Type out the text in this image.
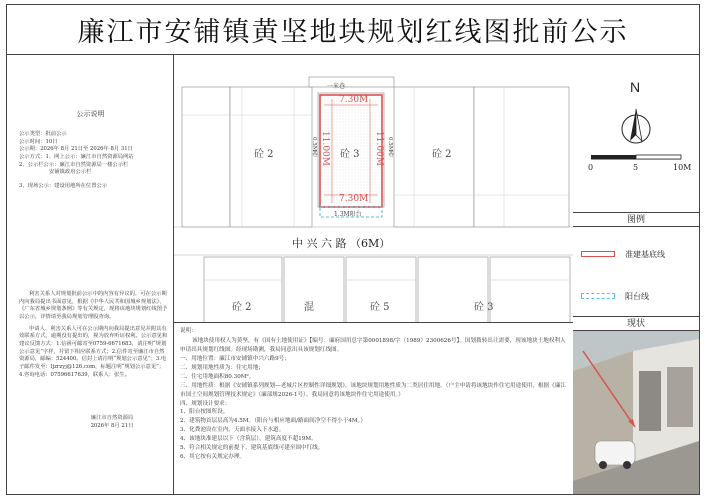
廉江市安铺镇黄坚地块规划红线图批前公示
公示说明
公示类型：批前公示
公示时间：10日
公示期：2026年 8月 21日至 2026年 8月 31日
公示方式：1、网上公示：廉江市自然资源局网站
2、公示栏公示：廉江市自然资源局一楼公示栏
安铺镇政府公示栏
3、现场公示：建设用地所在位置公示

利害关系人对规划批前公示中的内容有异议的，可在公示期内向我局提出书面意见，根据《中华人民共和国城乡规划法》、《广东省城乡规划条例》等有关规定，现将该地块规划红线图予以公示，详情请至我局规划管理股查询。

申请人、利害关系人可在公示期内向我局提出意见并附具有效联系方式，逾期没有提出的，视为放弃听证权利。公示意见和建议反馈方式：1.信函可邮寄至0759-6671683，请注明“规划公示意见”字样，并留下相应联系方式；2.信件寄至廉江市自然资源局，邮编：524400。信封上请注明“规划公示意见”；3.电子邮件发至：ljzrzyj@126.com，标题注明“规划公示意见”；4.咨询电话：07596617639，联系人：张生。

廉江市自然资源局
2026年 8月 21日
一米巷
7.30M
7.30M
11.00M	11.00M
0.5M巷	0.5M巷
砼 3
1.3M阳台
砼 2	砼 2
中 兴 六 路 （6M）
砼 2	混	砼 5	砼 3
说明：
该地块使用权人为黄坚，有《国有土地使用证》【编号：廉府国用总字第0001898/字（1989）2300626号】。国划拨转出让需要，现该地块土地权利人申请出具规划红线图。经现场勘测，我局同意出具该规划红线图。
一、用地位置：廉江市安铺镇中兴六路9号；
二、规划用地性质为：住宅用地；
二、住宅用地面积80.30M²。
三、用地性质：根据《安铺镇系列规划—老城片区控制性详细规划》，该地块规划用地性质为二类居住用地。（户主申请将该地块作住宅用途使用，根据《廉江市国土空间规划管理技术规定》（廉部规2026-1号），我局同意将该地块作住宅用途使用。）
四、规划设计要求：
1、阳台按图所设。
2、建筑物首层层高为4.5M。（阳台与相应地面/路面间净空不得小于4M。）
3、化粪池设在室内，天面水接入下水道。
4、该地块准建层以下（含筑层），建筑高度不超19M。
5、符合相关规定的前提下，建筑基底线可建至围中红线。
6、其它按有关规定办理。
N
0	5	10M
图例
准建基底线
阳台线
现状
